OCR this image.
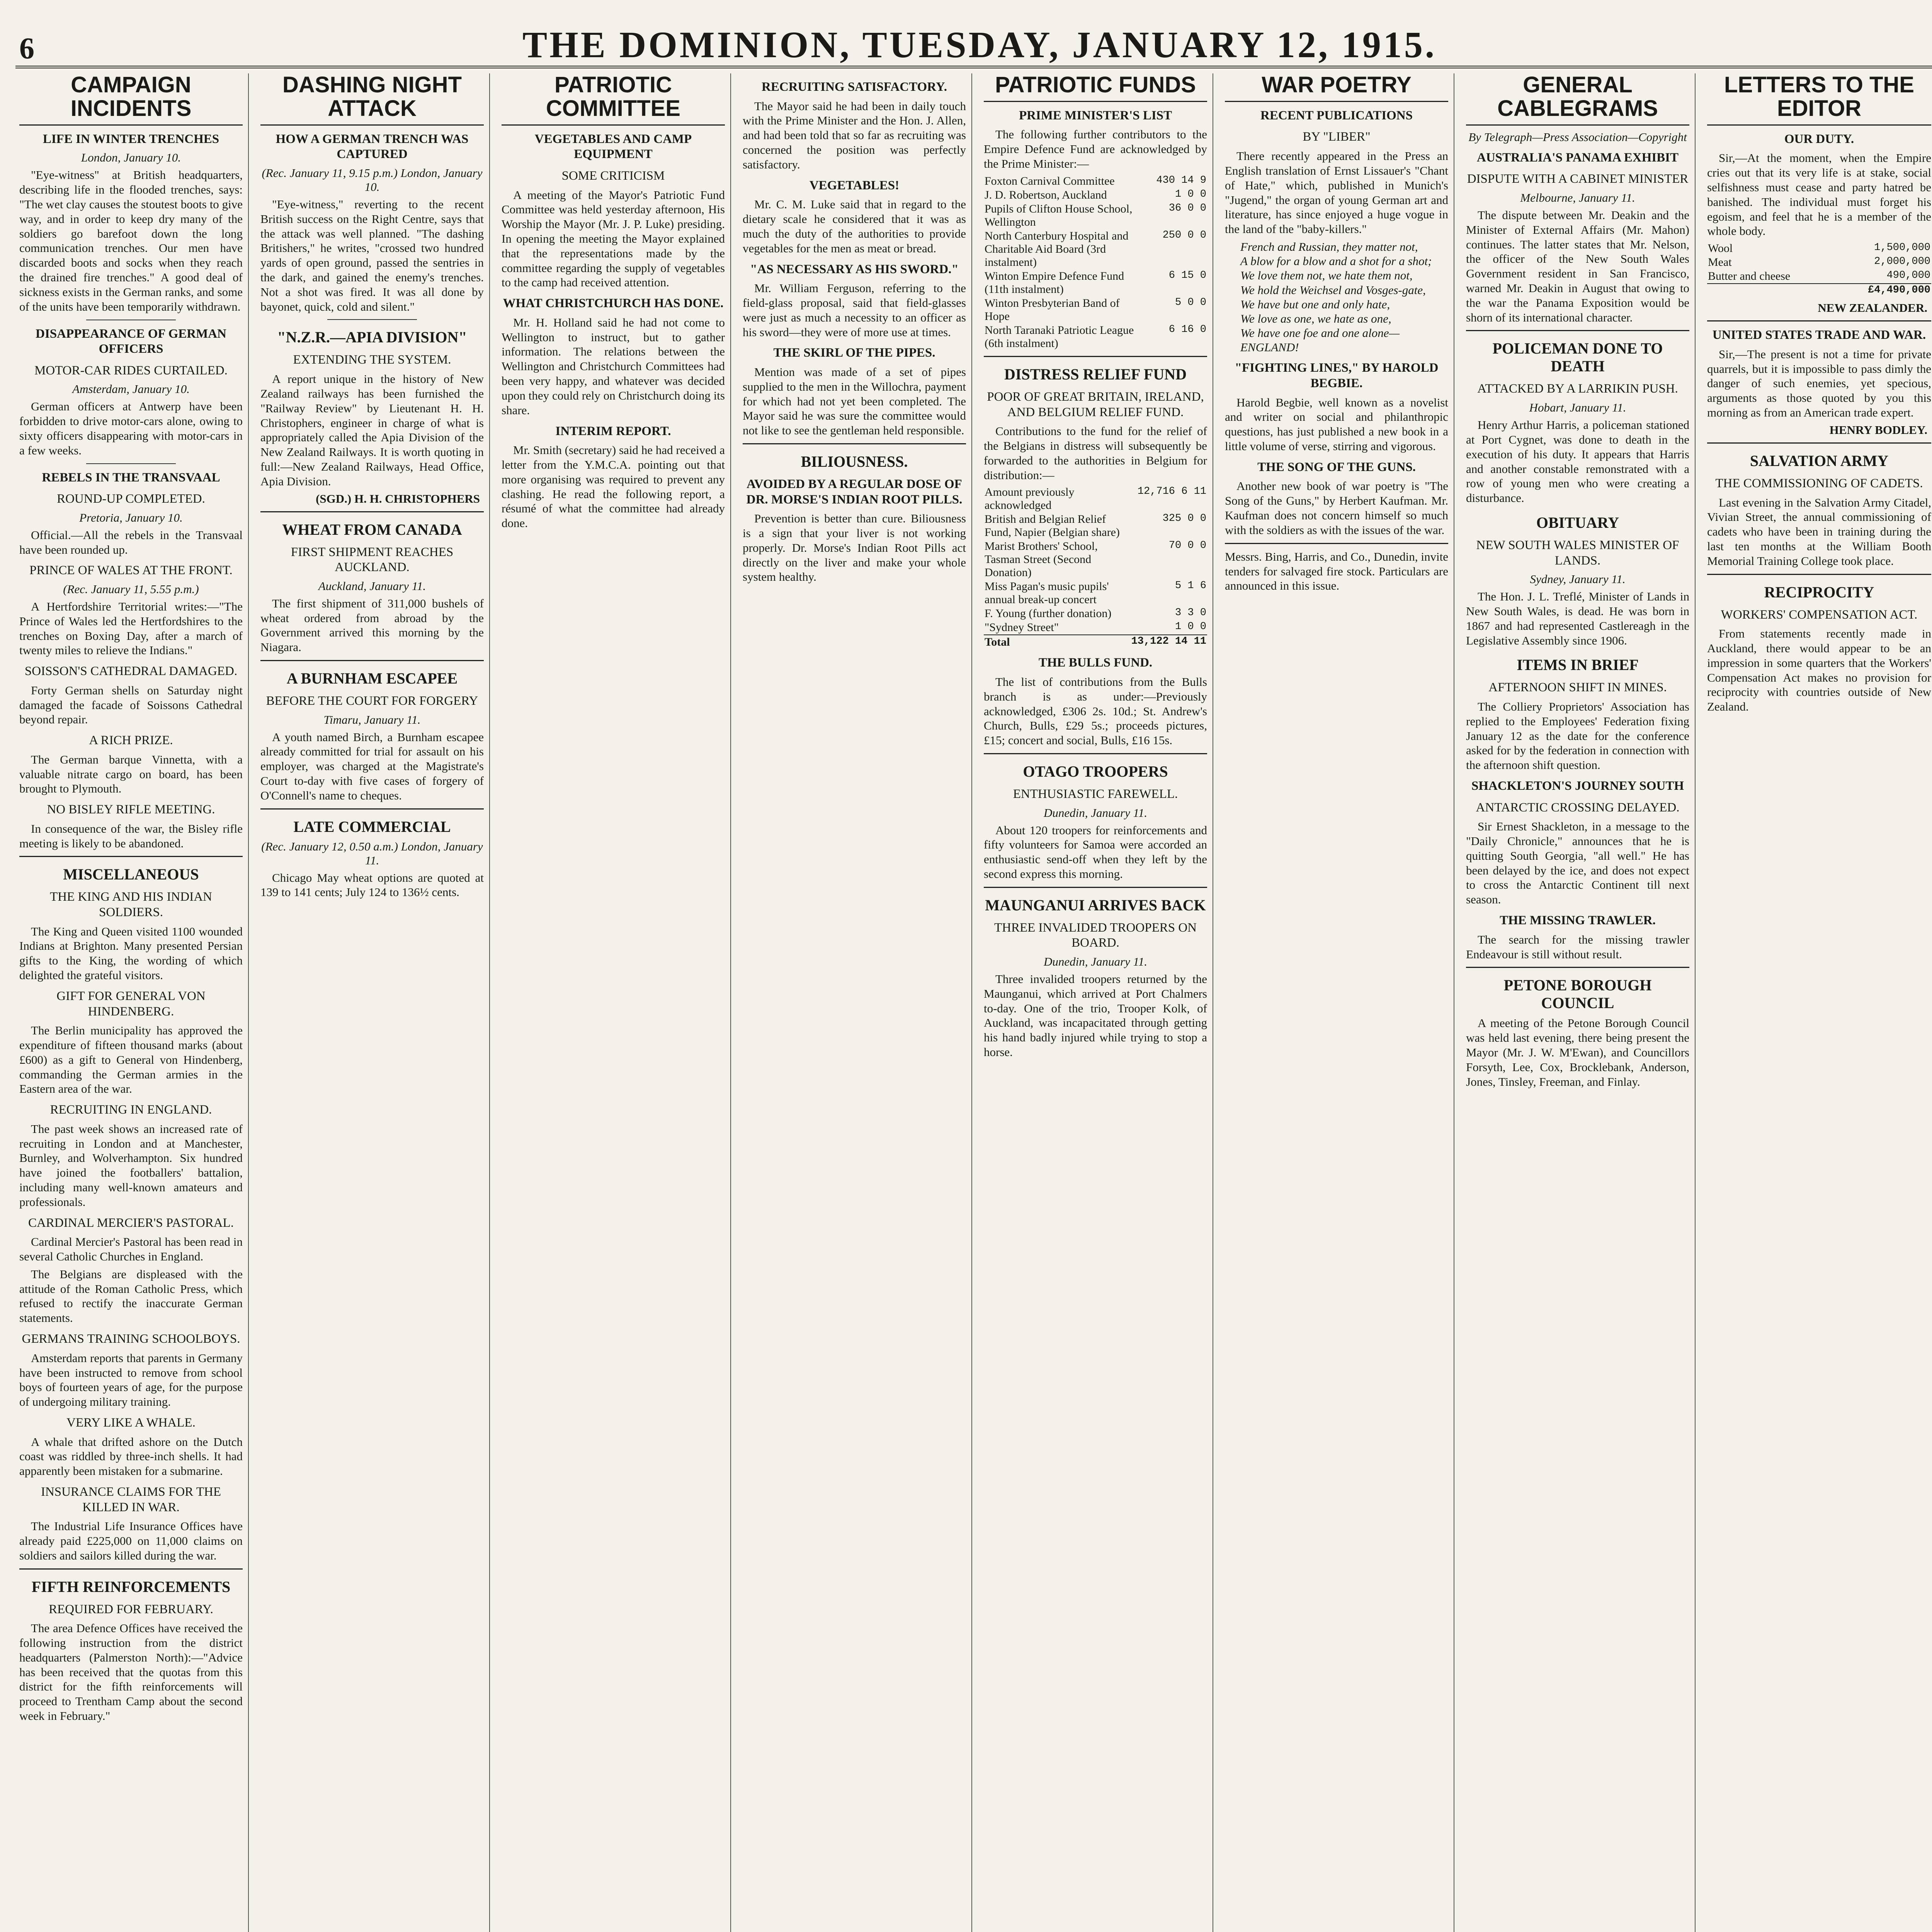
6	THE DOMINION, TUESDAY, JANUARY 12, 1915.
CAMPAIGN INCIDENTS
LIFE IN WINTER TRENCHES
London, January 10.

"Eye-witness" at British headquarters, describing life in the flooded trenches, says: "The wet clay causes the stoutest boots to give way, and in order to keep dry many of the soldiers go barefoot down the long communication trenches. Our men have discarded boots and socks when they reach the drained fire trenches." A good deal of sickness exists in the German ranks, and some of the units have been temporarily withdrawn.

DISAPPEARANCE OF GERMAN OFFICERS
MOTOR-CAR RIDES CURTAILED.
Amsterdam, January 10.

German officers at Antwerp have been forbidden to drive motor-cars alone, owing to sixty officers disappearing with motor-cars in a few weeks.

REBELS IN THE TRANSVAAL
ROUND-UP COMPLETED.
Pretoria, January 10.

Official.—All the rebels in the Transvaal have been rounded up.

PRINCE OF WALES AT THE FRONT.
(Rec. January 11, 5.55 p.m.)

A Hertfordshire Territorial writes:—"The Prince of Wales led the Hertfordshires to the trenches on Boxing Day, after a march of twenty miles to relieve the Indians."

SOISSON'S CATHEDRAL DAMAGED.

Forty German shells on Saturday night damaged the facade of Soissons Cathedral beyond repair.

A RICH PRIZE.

The German barque Vinnetta, with a valuable nitrate cargo on board, has been brought to Plymouth.

NO BISLEY RIFLE MEETING.

In consequence of the war, the Bisley rifle meeting is likely to be abandoned.

MISCELLANEOUS
THE KING AND HIS INDIAN SOLDIERS.

The King and Queen visited 1100 wounded Indians at Brighton. Many presented Persian gifts to the King, the wording of which delighted the grateful visitors.

GIFT FOR GENERAL VON HINDENBERG.

The Berlin municipality has approved the expenditure of fifteen thousand marks (about £600) as a gift to General von Hindenberg, commanding the German armies in the Eastern area of the war.

RECRUITING IN ENGLAND.

The past week shows an increased rate of recruiting in London and at Manchester, Burnley, and Wolverhampton. Six hundred have joined the footballers' battalion, including many well-known amateurs and professionals.

CARDINAL MERCIER'S PASTORAL.

Cardinal Mercier's Pastoral has been read in several Catholic Churches in England.

The Belgians are displeased with the attitude of the Roman Catholic Press, which refused to rectify the inaccurate German statements.

GERMANS TRAINING SCHOOLBOYS.

Amsterdam reports that parents in Germany have been instructed to remove from school boys of fourteen years of age, for the purpose of undergoing military training.

VERY LIKE A WHALE.

A whale that drifted ashore on the Dutch coast was riddled by three-inch shells. It had apparently been mistaken for a submarine.

INSURANCE CLAIMS FOR THE KILLED IN WAR.

The Industrial Life Insurance Offices have already paid £225,000 on 11,000 claims on soldiers and sailors killed during the war.

FIFTH REINFORCEMENTS
REQUIRED FOR FEBRUARY.

The area Defence Offices have received the following instruction from the district headquarters (Palmerston North):—"Advice has been received that the quotas from this district for the fifth reinforcements will proceed to Trentham Camp about the second week in February."

DASHING NIGHT ATTACK
HOW A GERMAN TRENCH WAS CAPTURED
(Rec. January 11, 9.15 p.m.) London, January 10.

"Eye-witness," reverting to the recent British success on the Right Centre, says that the attack was well planned. "The dashing Britishers," he writes, "crossed two hundred yards of open ground, passed the sentries in the dark, and gained the enemy's trenches. Not a shot was fired. It was all done by bayonet, quick, cold and silent."

"N.Z.R.—APIA DIVISION"
EXTENDING THE SYSTEM.

A report unique in the history of New Zealand railways has been furnished the "Railway Review" by Lieutenant H. H. Christophers, engineer in charge of what is appropriately called the Apia Division of the New Zealand Railways. It is worth quoting in full:—New Zealand Railways, Head Office, Apia Division.

(SGD.) H. H. CHRISTOPHERS
WHEAT FROM CANADA
FIRST SHIPMENT REACHES AUCKLAND.
Auckland, January 11.

The first shipment of 311,000 bushels of wheat ordered from abroad by the Government arrived this morning by the Niagara.

A BURNHAM ESCAPEE
BEFORE THE COURT FOR FORGERY
Timaru, January 11.

A youth named Birch, a Burnham escapee already committed for trial for assault on his employer, was charged at the Magistrate's Court to-day with five cases of forgery of O'Connell's name to cheques.

LATE COMMERCIAL
(Rec. January 12, 0.50 a.m.) London, January 11.

Chicago May wheat options are quoted at 139 to 141 cents; July 124 to 136½ cents.

PATRIOTIC COMMITTEE
VEGETABLES AND CAMP EQUIPMENT
SOME CRITICISM

A meeting of the Mayor's Patriotic Fund Committee was held yesterday afternoon, His Worship the Mayor (Mr. J. P. Luke) presiding. In opening the meeting the Mayor explained that the representations made by the committee regarding the supply of vegetables to the camp had received attention.

WHAT CHRISTCHURCH HAS DONE.

Mr. H. Holland said he had not come to Wellington to instruct, but to gather information. The relations between the Wellington and Christchurch Committees had been very happy, and whatever was decided upon they could rely on Christchurch doing its share.

INTERIM REPORT.

Mr. Smith (secretary) said he had received a letter from the Y.M.C.A. pointing out that more organising was required to prevent any clashing. He read the following report, a résumé of what the committee had already done.

RECRUITING SATISFACTORY.

The Mayor said he had been in daily touch with the Prime Minister and the Hon. J. Allen, and had been told that so far as recruiting was concerned the position was perfectly satisfactory.

VEGETABLES!

Mr. C. M. Luke said that in regard to the dietary scale he considered that it was as much the duty of the authorities to provide vegetables for the men as meat or bread.

"AS NECESSARY AS HIS SWORD."

Mr. William Ferguson, referring to the field-glass proposal, said that field-glasses were just as much a necessity to an officer as his sword—they were of more use at times.

THE SKIRL OF THE PIPES.

Mention was made of a set of pipes supplied to the men in the Willochra, payment for which had not yet been completed. The Mayor said he was sure the committee would not like to see the gentleman held responsible.

BILIOUSNESS.
AVOIDED BY A REGULAR DOSE OF DR. MORSE'S INDIAN ROOT PILLS.

Prevention is better than cure. Biliousness is a sign that your liver is not working properly. Dr. Morse's Indian Root Pills act directly on the liver and make your whole system healthy.

PATRIOTIC FUNDS
PRIME MINISTER'S LIST

The following further contributors to the Empire Defence Fund are acknowledged by the Prime Minister:—

Foxton Carnival Committee	430 14 9
J. D. Robertson, Auckland	1 0 0
Pupils of Clifton House School, Wellington	36 0 0
North Canterbury Hospital and Charitable Aid Board (3rd instalment)	250 0 0
Winton Empire Defence Fund (11th instalment)	6 15 0
Winton Presbyterian Band of Hope	5 0 0
North Taranaki Patriotic League (6th instalment)	6 16 0
DISTRESS RELIEF FUND
POOR OF GREAT BRITAIN, IRELAND, AND BELGIUM RELIEF FUND.

Contributions to the fund for the relief of the Belgians in distress will subsequently be forwarded to the authorities in Belgium for distribution:—

Amount previously acknowledged	12,716 6 11
British and Belgian Relief Fund, Napier (Belgian share)	325 0 0
Marist Brothers' School, Tasman Street (Second Donation)	70 0 0
Miss Pagan's music pupils' annual break-up concert	5 1 6
F. Young (further donation)	3 3 0
"Sydney Street"	1 0 0
Total	13,122 14 11
THE BULLS FUND.

The list of contributions from the Bulls branch is as under:—Previously acknowledged, £306 2s. 10d.; St. Andrew's Church, Bulls, £29 5s.; proceeds pictures, £15; concert and social, Bulls, £16 15s.

OTAGO TROOPERS
ENTHUSIASTIC FAREWELL.
Dunedin, January 11.

About 120 troopers for reinforcements and fifty volunteers for Samoa were accorded an enthusiastic send-off when they left by the second express this morning.

MAUNGANUI ARRIVES BACK
THREE INVALIDED TROOPERS ON BOARD.
Dunedin, January 11.

Three invalided troopers returned by the Maunganui, which arrived at Port Chalmers to-day. One of the trio, Trooper Kolk, of Auckland, was incapacitated through getting his hand badly injured while trying to stop a horse.

WAR POETRY
RECENT PUBLICATIONS
BY "LIBER"

There recently appeared in the Press an English translation of Ernst Lissauer's "Chant of Hate," which, published in Munich's "Jugend," the organ of young German art and literature, has since enjoyed a huge vogue in the land of the "baby-killers."

French and Russian, they matter not,
A blow for a blow and a shot for a shot;
We love them not, we hate them not,
We hold the Weichsel and Vosges-gate,
We have but one and only hate,
We love as one, we hate as one,
We have one foe and one alone—
ENGLAND!
"FIGHTING LINES," BY HAROLD BEGBIE.

Harold Begbie, well known as a novelist and writer on social and philanthropic questions, has just published a new book in a little volume of verse, stirring and vigorous.

THE SONG OF THE GUNS.

Another new book of war poetry is "The Song of the Guns," by Herbert Kaufman. Mr. Kaufman does not concern himself so much with the soldiers as with the issues of the war.

Messrs. Bing, Harris, and Co., Dunedin, invite tenders for salvaged fire stock. Particulars are announced in this issue.

GENERAL CABLEGRAMS
By Telegraph—Press Association—Copyright
AUSTRALIA'S PANAMA EXHIBIT
DISPUTE WITH A CABINET MINISTER
Melbourne, January 11.

The dispute between Mr. Deakin and the Minister of External Affairs (Mr. Mahon) continues. The latter states that Mr. Nelson, the officer of the New South Wales Government resident in San Francisco, warned Mr. Deakin in August that owing to the war the Panama Exposition would be shorn of its international character.

POLICEMAN DONE TO DEATH
ATTACKED BY A LARRIKIN PUSH.
Hobart, January 11.

Henry Arthur Harris, a policeman stationed at Port Cygnet, was done to death in the execution of his duty. It appears that Harris and another constable remonstrated with a row of young men who were creating a disturbance.

OBITUARY
NEW SOUTH WALES MINISTER OF LANDS.
Sydney, January 11.

The Hon. J. L. Treflé, Minister of Lands in New South Wales, is dead. He was born in 1867 and had represented Castlereagh in the Legislative Assembly since 1906.

ITEMS IN BRIEF
AFTERNOON SHIFT IN MINES.

The Colliery Proprietors' Association has replied to the Employees' Federation fixing January 12 as the date for the conference asked for by the federation in connection with the afternoon shift question.

SHACKLETON'S JOURNEY SOUTH
ANTARCTIC CROSSING DELAYED.

Sir Ernest Shackleton, in a message to the "Daily Chronicle," announces that he is quitting South Georgia, "all well." He has been delayed by the ice, and does not expect to cross the Antarctic Continent till next season.

THE MISSING TRAWLER.

The search for the missing trawler Endeavour is still without result.

PETONE BOROUGH COUNCIL

A meeting of the Petone Borough Council was held last evening, there being present the Mayor (Mr. J. W. M'Ewan), and Councillors Forsyth, Lee, Cox, Brocklebank, Anderson, Jones, Tinsley, Freeman, and Finlay.

LETTERS TO THE EDITOR
OUR DUTY.

Sir,—At the moment, when the Empire cries out that its very life is at stake, social selfishness must cease and party hatred be banished. The individual must forget his egoism, and feel that he is a member of the whole body.

Wool	1,500,000
Meat	2,000,000
Butter and cheese	490,000
	£4,490,000
NEW ZEALANDER.
UNITED STATES TRADE AND WAR.

Sir,—The present is not a time for private quarrels, but it is impossible to pass dimly the danger of such enemies, yet specious, arguments as those quoted by you this morning as from an American trade expert.

HENRY BODLEY.
SALVATION ARMY
THE COMMISSIONING OF CADETS.

Last evening in the Salvation Army Citadel, Vivian Street, the annual commissioning of cadets who have been in training during the last ten months at the William Booth Memorial Training College took place.

RECIPROCITY
WORKERS' COMPENSATION ACT.

From statements recently made in Auckland, there would appear to be an impression in some quarters that the Workers' Compensation Act makes no provision for reciprocity with countries outside of New Zealand.
